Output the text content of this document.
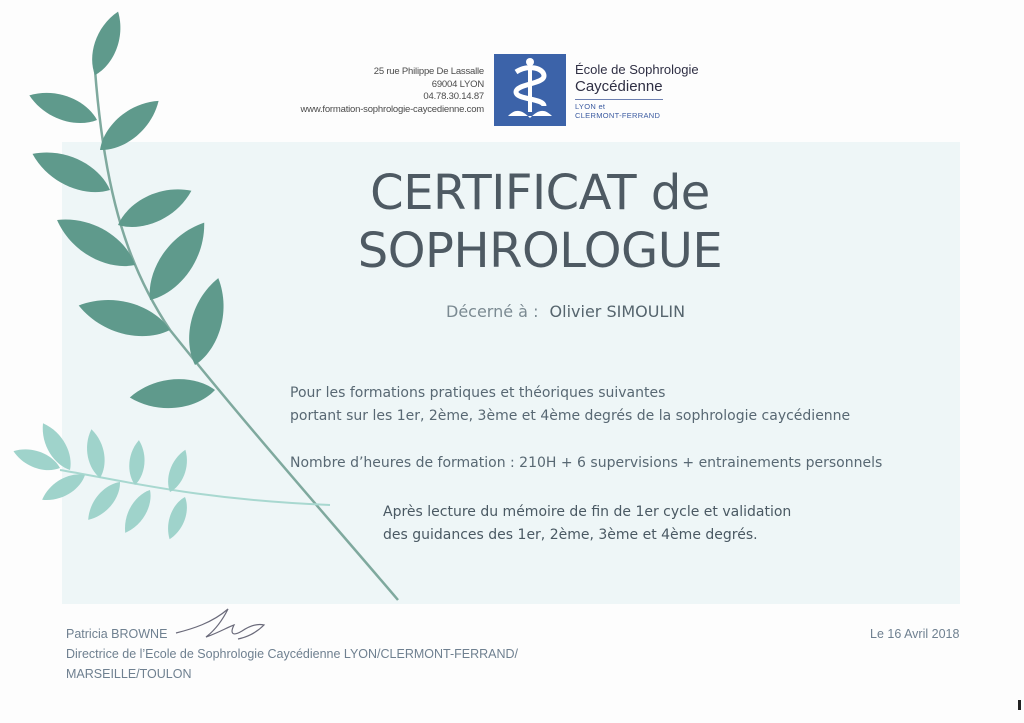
25 rue Philippe De Lassalle
69004 LYON
04.78.30.14.87
www.formation-sophrologie-caycedienne.com
École de Sophrologie
Caycédienne
LYON et
CLERMONT-FERRAND
CERTIFICAT de
SOPHROLOGUE
Décerné à : Olivier SIMOULIN
Pour les formations pratiques et théoriques suivantes
portant sur les 1er, 2ème, 3ème et 4ème degrés de la sophrologie caycédienne
Nombre d’heures de formation : 210H + 6 supervisions + entrainements personnels
Après lecture du mémoire de fin de 1er cycle et validation
des guidances des 1er, 2ème, 3ème et 4ème degrés.
Patricia BROWNE
Directrice de l’Ecole de Sophrologie Caycédienne LYON/CLERMONT-FERRAND/
MARSEILLE/TOULON
Le 16 Avril 2018
